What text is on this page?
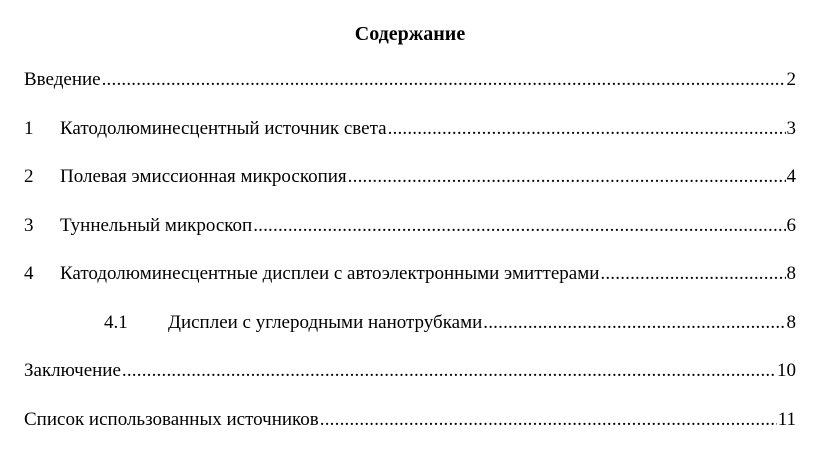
Содержание
Введение .....	2
1	Катодолюминесцентный источник света .....	3
2	Полевая эмиссионная микроскопия .....	4
3	Туннельный микроскоп .....	6
4	Катодолюминесцентные дисплеи с автоэлектронными эмиттерами .....	8
4.1	Дисплеи с углеродными нанотрубками .....	8
Заключение .....	10
Список использованных источников .....	11
